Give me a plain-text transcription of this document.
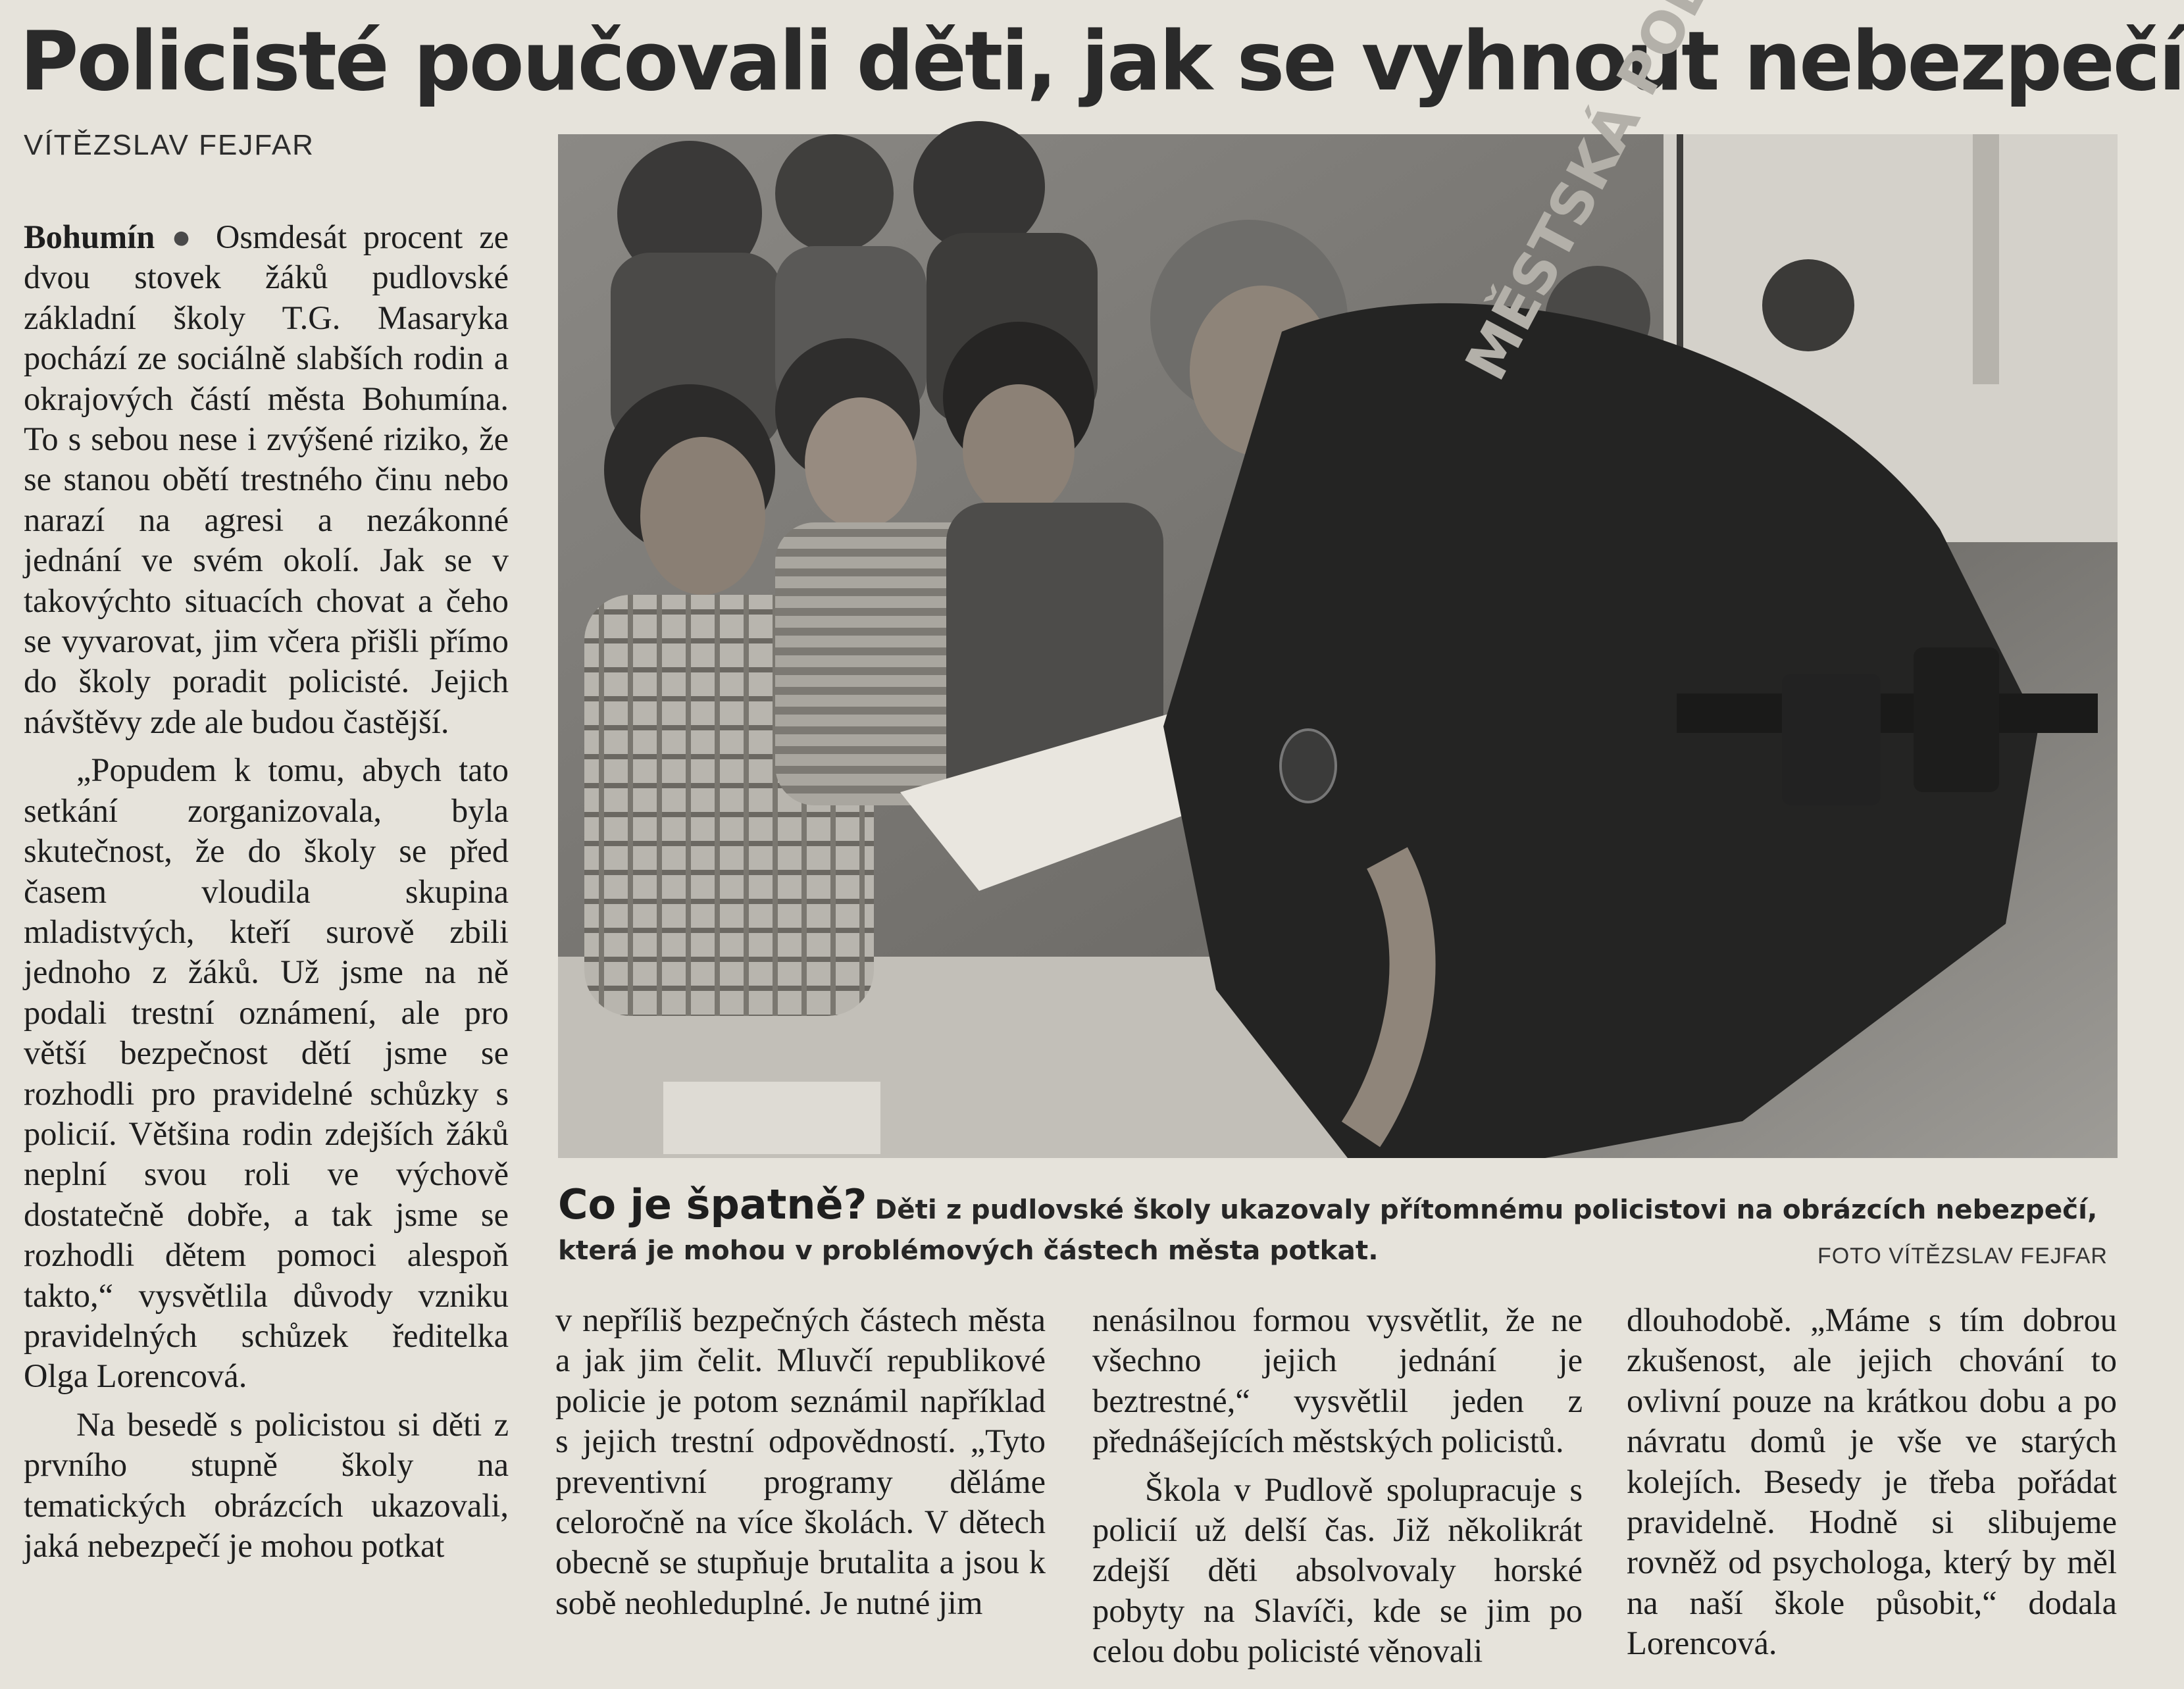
Policisté poučovali děti, jak se vyhnout nebezpečí
VÍTĚZSLAV FEJFAR

Bohumín ● Osmdesát procent ze dvou stovek žáků pudlovské základní školy T.G. Masaryka pochází ze sociálně slabších rodin a okrajových částí města Bohumína. To s sebou nese i zvýšené riziko, že se stanou obětí trestného činu nebo narazí na agresi a nezákonné jednání ve svém okolí. Jak se v takovýchto situacích chovat a čeho se vyvarovat, jim včera přišli přímo do školy poradit policisté. Jejich návštěvy zde ale budou častější.

„Popudem k tomu, abych tato setkání zorganizovala, byla skutečnost, že do školy se před časem vloudila skupina mladistvých, kteří surově zbili jednoho z žáků. Už jsme na ně podali trestní oznámení, ale pro větší bezpečnost dětí jsme se rozhodli pro pravidelné schůzky s policií. Většina rodin zdejších žáků neplní svou roli ve výchově dostatečně dobře, a tak jsme se rozhodli dětem pomoci alespoň takto,“ vysvětlila důvody vzniku pravidelných schůzek ředitelka Olga Lorencová.

Na besedě s policistou si děti z prvního stupně školy na tematických obrázcích ukazovali, jaká nebezpečí je mohou potkat

Co je špatně? Děti z pudlovské školy ukazovaly přítomnému policistovi na obrázcích nebezpečí, která je mohou v problémových částech města potkat.	FOTO VÍTĚZSLAV FEJFAR

v nepříliš bezpečných částech města a jak jim čelit. Mluvčí republikové policie je potom seznámil například s jejich trestní odpovědností. „Tyto preventivní programy děláme celoročně na více školách. V dětech obecně se stupňuje brutalita a jsou k sobě neohleduplné. Je nutné jim

nenásilnou formou vysvětlit, že ne všechno jejich jednání je beztrestné,“ vysvětlil jeden z přednášejících městských policistů.

Škola v Pudlově spolupracuje s policií už delší čas. Již několikrát zdejší děti absolvovaly horské pobyty na Slavíči, kde se jim po celou dobu policisté věnovali

dlouhodobě. „Máme s tím dobrou zkušenost, ale jejich chování to ovlivní pouze na krátkou dobu a po návratu domů je vše ve starých kolejích. Besedy je třeba pořádat pravidelně. Hodně si slibujeme rovněž od psychologa, který by měl na naší škole působit,“ dodala Lorencová.
